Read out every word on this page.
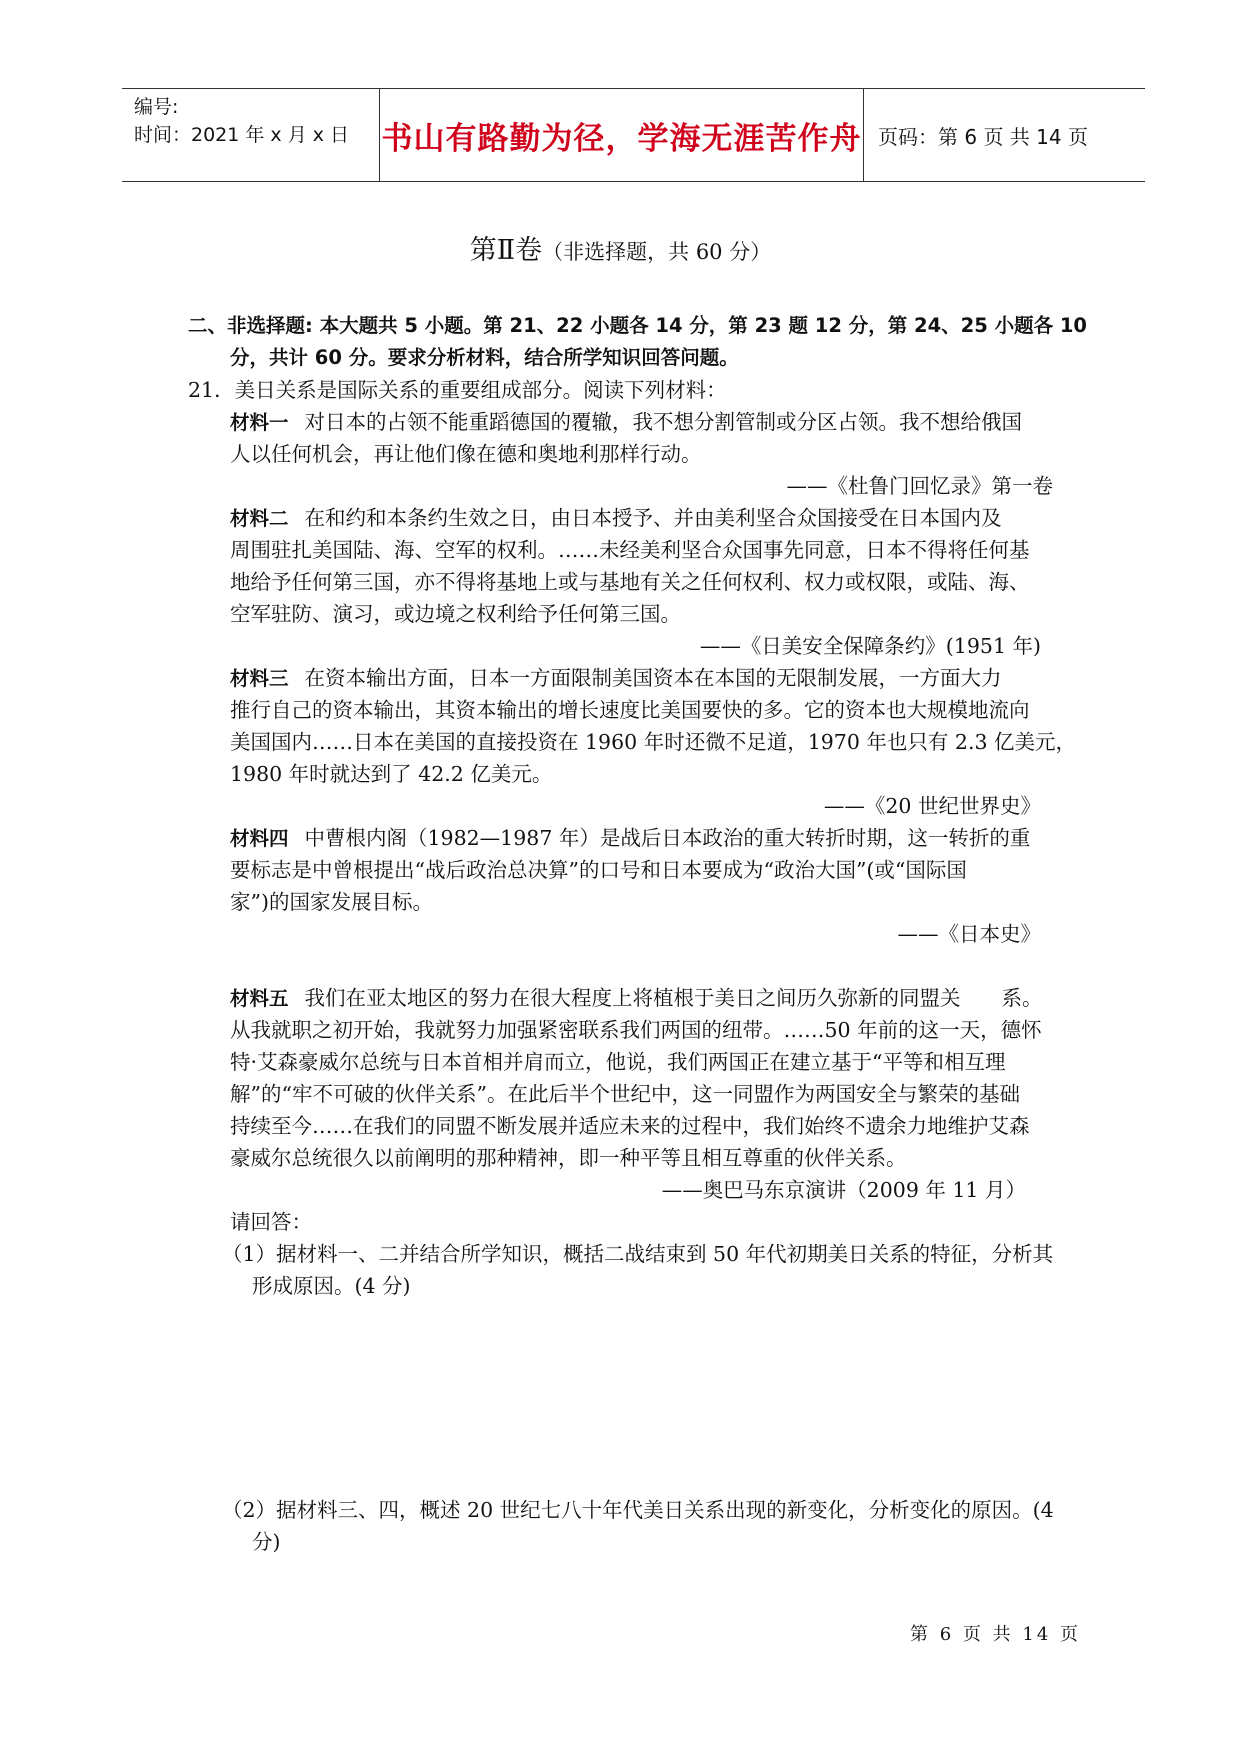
编号:
时间：2021 年 x 月 x 日	书山有路勤为径，学海无涯苦作舟 页码：第 6 页 共 14 页
第Ⅱ卷（非选择题，共 60 分）
二、非选择题: 本大题共 5 小题。第 21、22 小题各 14 分，第 23 题 12 分，第 24、25 小题各 10
分，共计 60 分。要求分析材料，结合所学知识回答问题。
21．美日关系是国际关系的重要组成部分。阅读下列材料：
材料一 对日本的占领不能重蹈德国的覆辙，我不想分割管制或分区占领。我不想给俄国
人以任何机会，再让他们像在德和奥地利那样行动。
——《杜鲁门回忆录》第一卷
材料二 在和约和本条约生效之日，由日本授予、并由美利坚合众国接受在日本国内及
周围驻扎美国陆、海、空军的权利。……未经美利坚合众国事先同意，日本不得将任何基
地给予任何第三国，亦不得将基地上或与基地有关之任何权利、权力或权限，或陆、海、
空军驻防、演习，或边境之权利给予任何第三国。
——《日美安全保障条约》(1951 年)
材料三 在资本输出方面，日本一方面限制美国资本在本国的无限制发展，一方面大力
推行自己的资本输出，其资本输出的增长速度比美国要快的多。它的资本也大规模地流向
美国国内……日本在美国的直接投资在 1960 年时还微不足道，1970 年也只有 2.3 亿美元，
1980 年时就达到了 42.2 亿美元。
——《20 世纪世界史》
材料四 中曹根内阁（1982—1987 年）是战后日本政治的重大转折时期，这一转折的重
要标志是中曾根提出“战后政治总决算”的口号和日本要成为“政治大国”(或“国际国
家”)的国家发展目标。
——《日本史》
材料五 我们在亚太地区的努力在很大程度上将植根于美日之间历久弥新的同盟关　　系。
从我就职之初开始，我就努力加强紧密联系我们两国的纽带。……50 年前的这一天，德怀
特·艾森豪威尔总统与日本首相并肩而立，他说，我们两国正在建立基于“平等和相互理
解”的“牢不可破的伙伴关系”。在此后半个世纪中，这一同盟作为两国安全与繁荣的基础
持续至今……在我们的同盟不断发展并适应未来的过程中，我们始终不遗余力地维护艾森
豪威尔总统很久以前阐明的那种精神，即一种平等且相互尊重的伙伴关系。
——奥巴马东京演讲（2009 年 11 月）
请回答：
（1）据材料一、二并结合所学知识，概括二战结束到 50 年代初期美日关系的特征，分析其
形成原因。(4 分)
（2）据材料三、四，概述 20 世纪七八十年代美日关系出现的新变化，分析变化的原因。(4
分)
第 6 页 共 14 页
